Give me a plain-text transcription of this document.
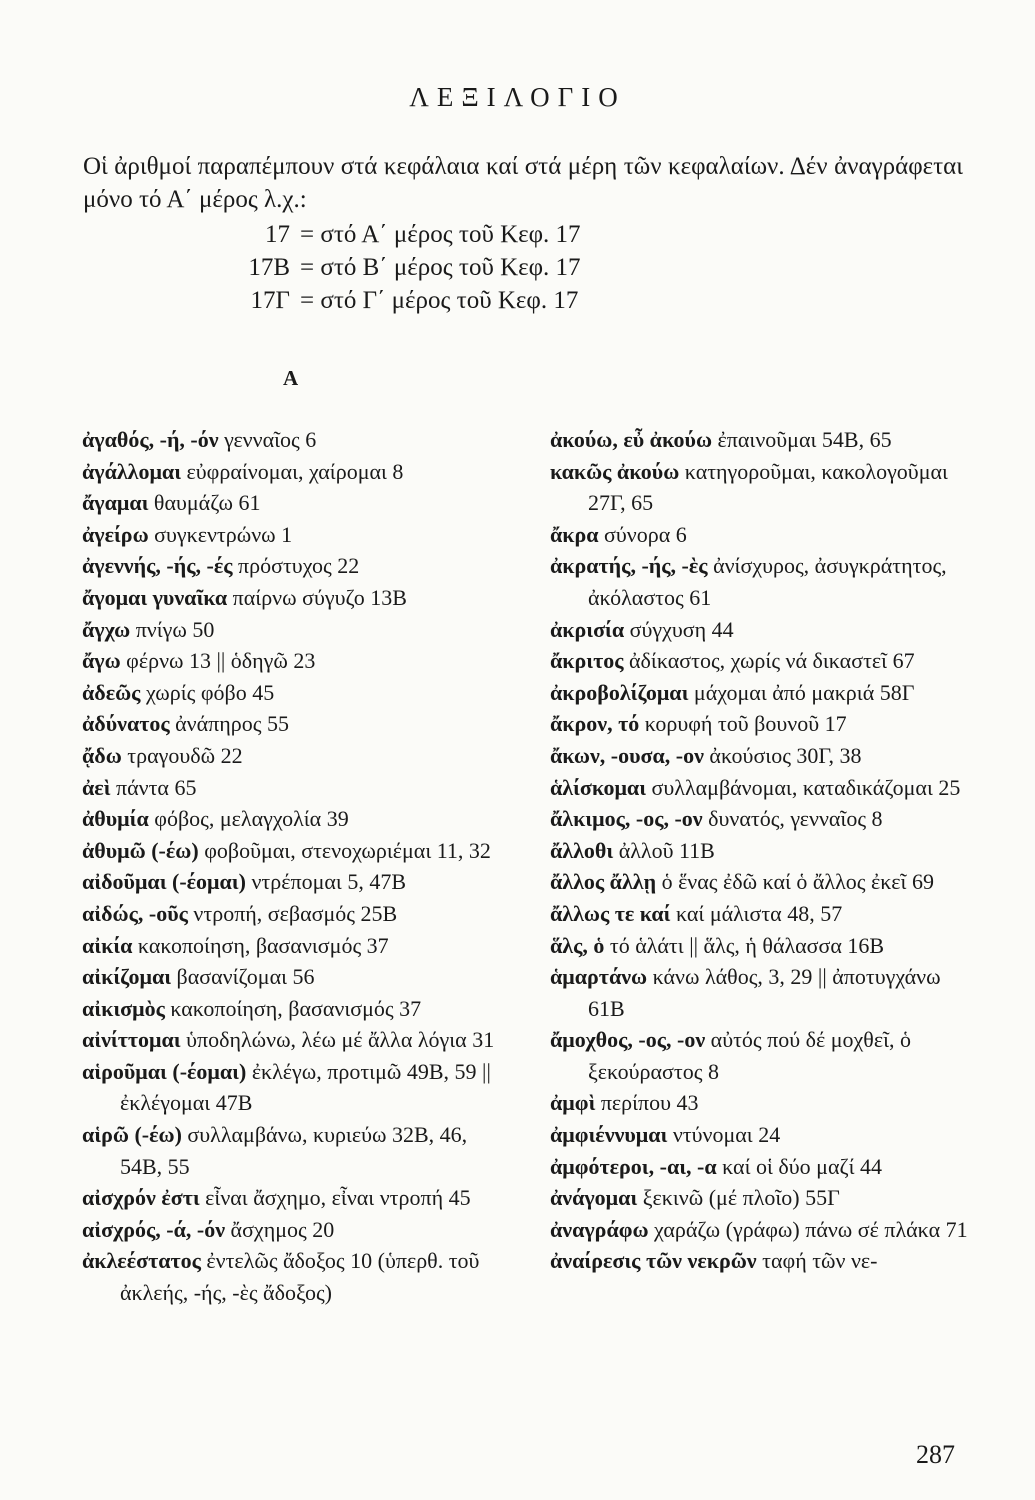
ΛΕΞΙΛΟΓΙΟ

Οἱ ἀριθμοί παραπέμπουν στά κεφάλαια καί στά μέρη τῶν κεφαλαίων. Δέν ἀναγράφεται μόνο τό Α΄ μέρος λ.χ.:

17 = στό Α΄ μέρος τοῦ Κεφ. 17
17Β = στό Β΄ μέρος τοῦ Κεφ. 17
17Γ = στό Γ΄ μέρος τοῦ Κεφ. 17
Α

ἀγαθός, -ή, -όν γενναῖος 6

ἀγάλλομαι εὐφραίνομαι, χαίρομαι 8

ἄγαμαι θαυμάζω 61

ἀγείρω συγκεντρώνω 1

ἀγεννής, -ής, -ές πρόστυχος 22

ἄγομαι γυναῖκα παίρνω σύγυζο 13Β

ἄγχω πνίγω 50

ἄγω φέρνω 13 || ὁδηγῶ 23

ἀδεῶς χωρίς φόβο 45

ἀδύνατος ἀνάπηρος 55

ᾄδω τραγουδῶ 22

ἀεὶ πάντα 65

ἀθυμία φόβος, μελαγχολία 39

ἀθυμῶ (-έω) φοβοῦμαι, στενοχωριέμαι 11, 32

αἰδοῦμαι (-έομαι) ντρέπομαι 5, 47Β

αἰδώς, -οῦς ντροπή, σεβασμός 25Β

αἰκία κακοποίηση, βασανισμός 37

αἰκίζομαι βασανίζομαι 56

αἰκισμὸς κακοποίηση, βασανισμός 37

αἰνίττομαι ὑποδηλώνω, λέω μέ ἄλλα λόγια 31

αἱροῦμαι (-έομαι) ἐκλέγω, προτιμῶ 49Β, 59 || ἐκλέγομαι 47Β

αἱρῶ (-έω) συλλαμβάνω, κυριεύω 32Β, 46, 54Β, 55

αἰσχρόν ἐστι εἶναι ἄσχημο, εἶναι ντροπή 45

αἰσχρός, -ά, -όν ἄσχημος 20

ἀκλεέστατος ἐντελῶς ἄδοξος 10 (ὑπερθ. τοῦ ἀκλεής, -ής, -ὲς ἄδοξος)

ἀκούω, εὖ ἀκούω ἐπαινοῦμαι 54Β, 65

κακῶς ἀκούω κατηγοροῦμαι, κακολογοῦμαι 27Γ, 65

ἄκρα σύνορα 6

ἀκρατής, -ής, -ὲς ἀνίσχυρος, ἀσυγκράτητος, ἀκόλαστος 61

ἀκρισία σύγχυση 44

ἄκριτος ἀδίκαστος, χωρίς νά δικαστεῖ 67

ἀκροβολίζομαι μάχομαι ἀπό μακριά 58Γ

ἄκρον, τό κορυφή τοῦ βουνοῦ 17

ἄκων, -ουσα, -ον ἀκούσιος 30Γ, 38

ἁλίσκομαι συλλαμβάνομαι, καταδικάζομαι 25

ἄλκιμος, -ος, -ον δυνατός, γενναῖος 8

ἄλλοθι ἀλλοῦ 11Β

ἄλλος ἄλλῃ ὁ ἕνας ἐδῶ καί ὁ ἄλλος ἐκεῖ 69

ἄλλως τε καί καί μάλιστα 48, 57

ἅλς, ὁ τό ἁλάτι || ἅλς, ἡ θάλασσα 16Β

ἁμαρτάνω κάνω λάθος, 3, 29 || ἀποτυγχάνω 61Β

ἄμοχθος, -ος, -ον αὐτός πού δέ μοχθεῖ, ὁ ξεκούραστος 8

ἀμφὶ περίπου 43

ἀμφιέννυμαι ντύνομαι 24

ἀμφότεροι, -αι, -α καί οἱ δύο μαζί 44

ἀνάγομαι ξεκινῶ (μέ πλοῖο) 55Γ

ἀναγράφω χαράζω (γράφω) πάνω σέ πλάκα 71

ἀναίρεσις τῶν νεκρῶν ταφή τῶν νε-

287
